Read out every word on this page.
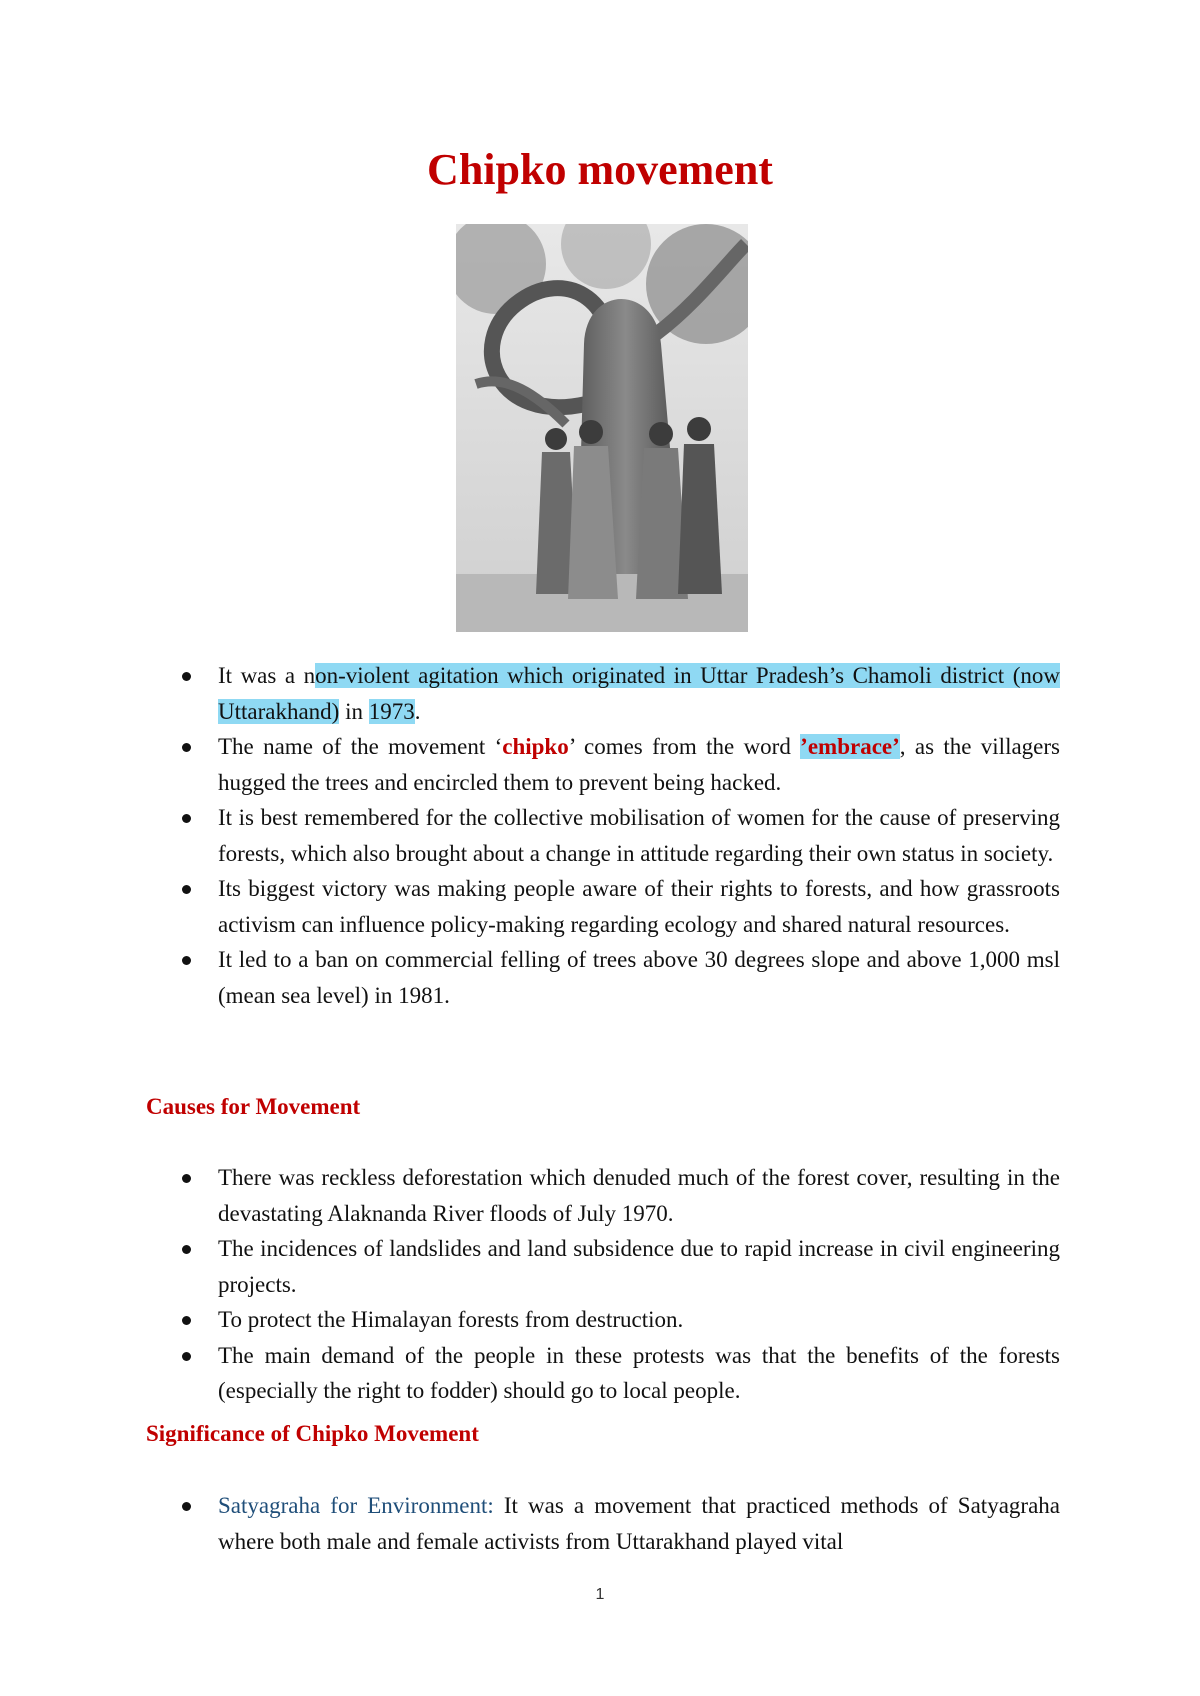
Chipko movement
It was a non-violent agitation which originated in Uttar Pradesh’s Chamoli district (now Uttarakhand) in 1973.
The name of the movement ‘chipko’ comes from the word ’embrace’, as the villagers hugged the trees and encircled them to prevent being hacked.
It is best remembered for the collective mobilisation of women for the cause of preserving forests, which also brought about a change in attitude regarding their own status in society.
Its biggest victory was making people aware of their rights to forests, and how grassroots activism can influence policy-making regarding ecology and shared natural resources.
It led to a ban on commercial felling of trees above 30 degrees slope and above 1,000 msl (mean sea level) in 1981.
Causes for Movement
There was reckless deforestation which denuded much of the forest cover, resulting in the devastating Alaknanda River floods of July 1970.
The incidences of landslides and land subsidence due to rapid increase in civil engineering projects.
To protect the Himalayan forests from destruction.
The main demand of the people in these protests was that the benefits of the forests (especially the right to fodder) should go to local people.
Significance of Chipko Movement
Satyagraha for Environment: It was a movement that practiced methods of Satyagraha where both male and female activists from Uttarakhand played vital
1
